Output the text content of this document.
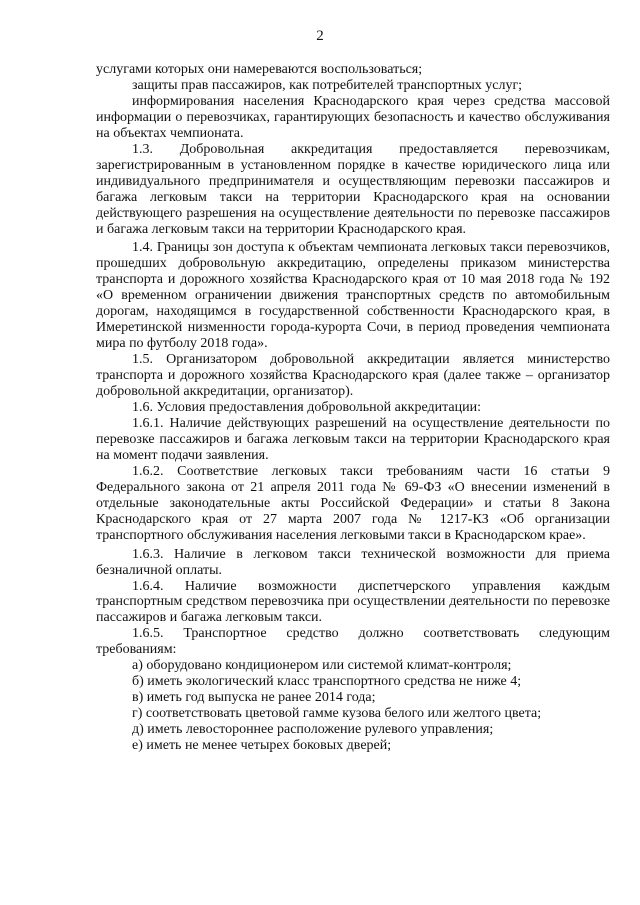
2

услугами которых они намереваются воспользоваться;

защиты прав пассажиров, как потребителей транспортных услуг;

информирования населения Краснодарского края через средства массовой информации о перевозчиках, гарантирующих безопасность и качество обслуживания на объектах чемпионата.

1.3. Добровольная аккредитация предоставляется перевозчикам, зарегистрированным в установленном порядке в качестве юридического лица или индивидуального предпринимателя и осуществляющим перевозки пассажиров и багажа легковым такси на территории Краснодарского края на основании действующего разрешения на осуществление деятельности по перевозке пассажиров и багажа легковым такси на территории Краснодарского края.

1.4. Границы зон доступа к объектам чемпионата легковых такси перевозчиков, прошедших добровольную аккредитацию, определены приказом министерства транспорта и дорожного хозяйства Краснодарского края от 10 мая 2018 года № 192 «О временном ограничении движения транспортных средств по автомобильным дорогам, находящимся в государственной собственности Краснодарского края, в Имеретинской низменности города-курорта Сочи, в период проведения чемпионата мира по футболу 2018 года».

1.5. Организатором добровольной аккредитации является министерство транспорта и дорожного хозяйства Краснодарского края (далее также – организатор добровольной аккредитации, организатор).

1.6. Условия предоставления добровольной аккредитации:

1.6.1. Наличие действующих разрешений на осуществление деятельности по перевозке пассажиров и багажа легковым такси на территории Краснодарского края на момент подачи заявления.

1.6.2. Соответствие легковых такси требованиям части 16 статьи 9 Федерального закона от 21 апреля 2011 года № 69-ФЗ «О внесении изменений в отдельные законодательные акты Российской Федерации» и статьи 8 Закона Краснодарского края от 27 марта 2007 года № 1217-КЗ «Об организации транспортного обслуживания населения легковыми такси в Краснодарском крае».

1.6.3. Наличие в легковом такси технической возможности для приема безналичной оплаты.

1.6.4. Наличие возможности диспетчерского управления каждым транспортным средством перевозчика при осуществлении деятельности по перевозке пассажиров и багажа легковым такси.

1.6.5. Транспортное средство должно соответствовать следующим требованиям:

а) оборудовано кондиционером или системой климат-контроля;

б) иметь экологический класс транспортного средства не ниже 4;

в) иметь год выпуска не ранее 2014 года;

г) соответствовать цветовой гамме кузова белого или желтого цвета;

д) иметь левостороннее расположение рулевого управления;

е) иметь не менее четырех боковых дверей;
